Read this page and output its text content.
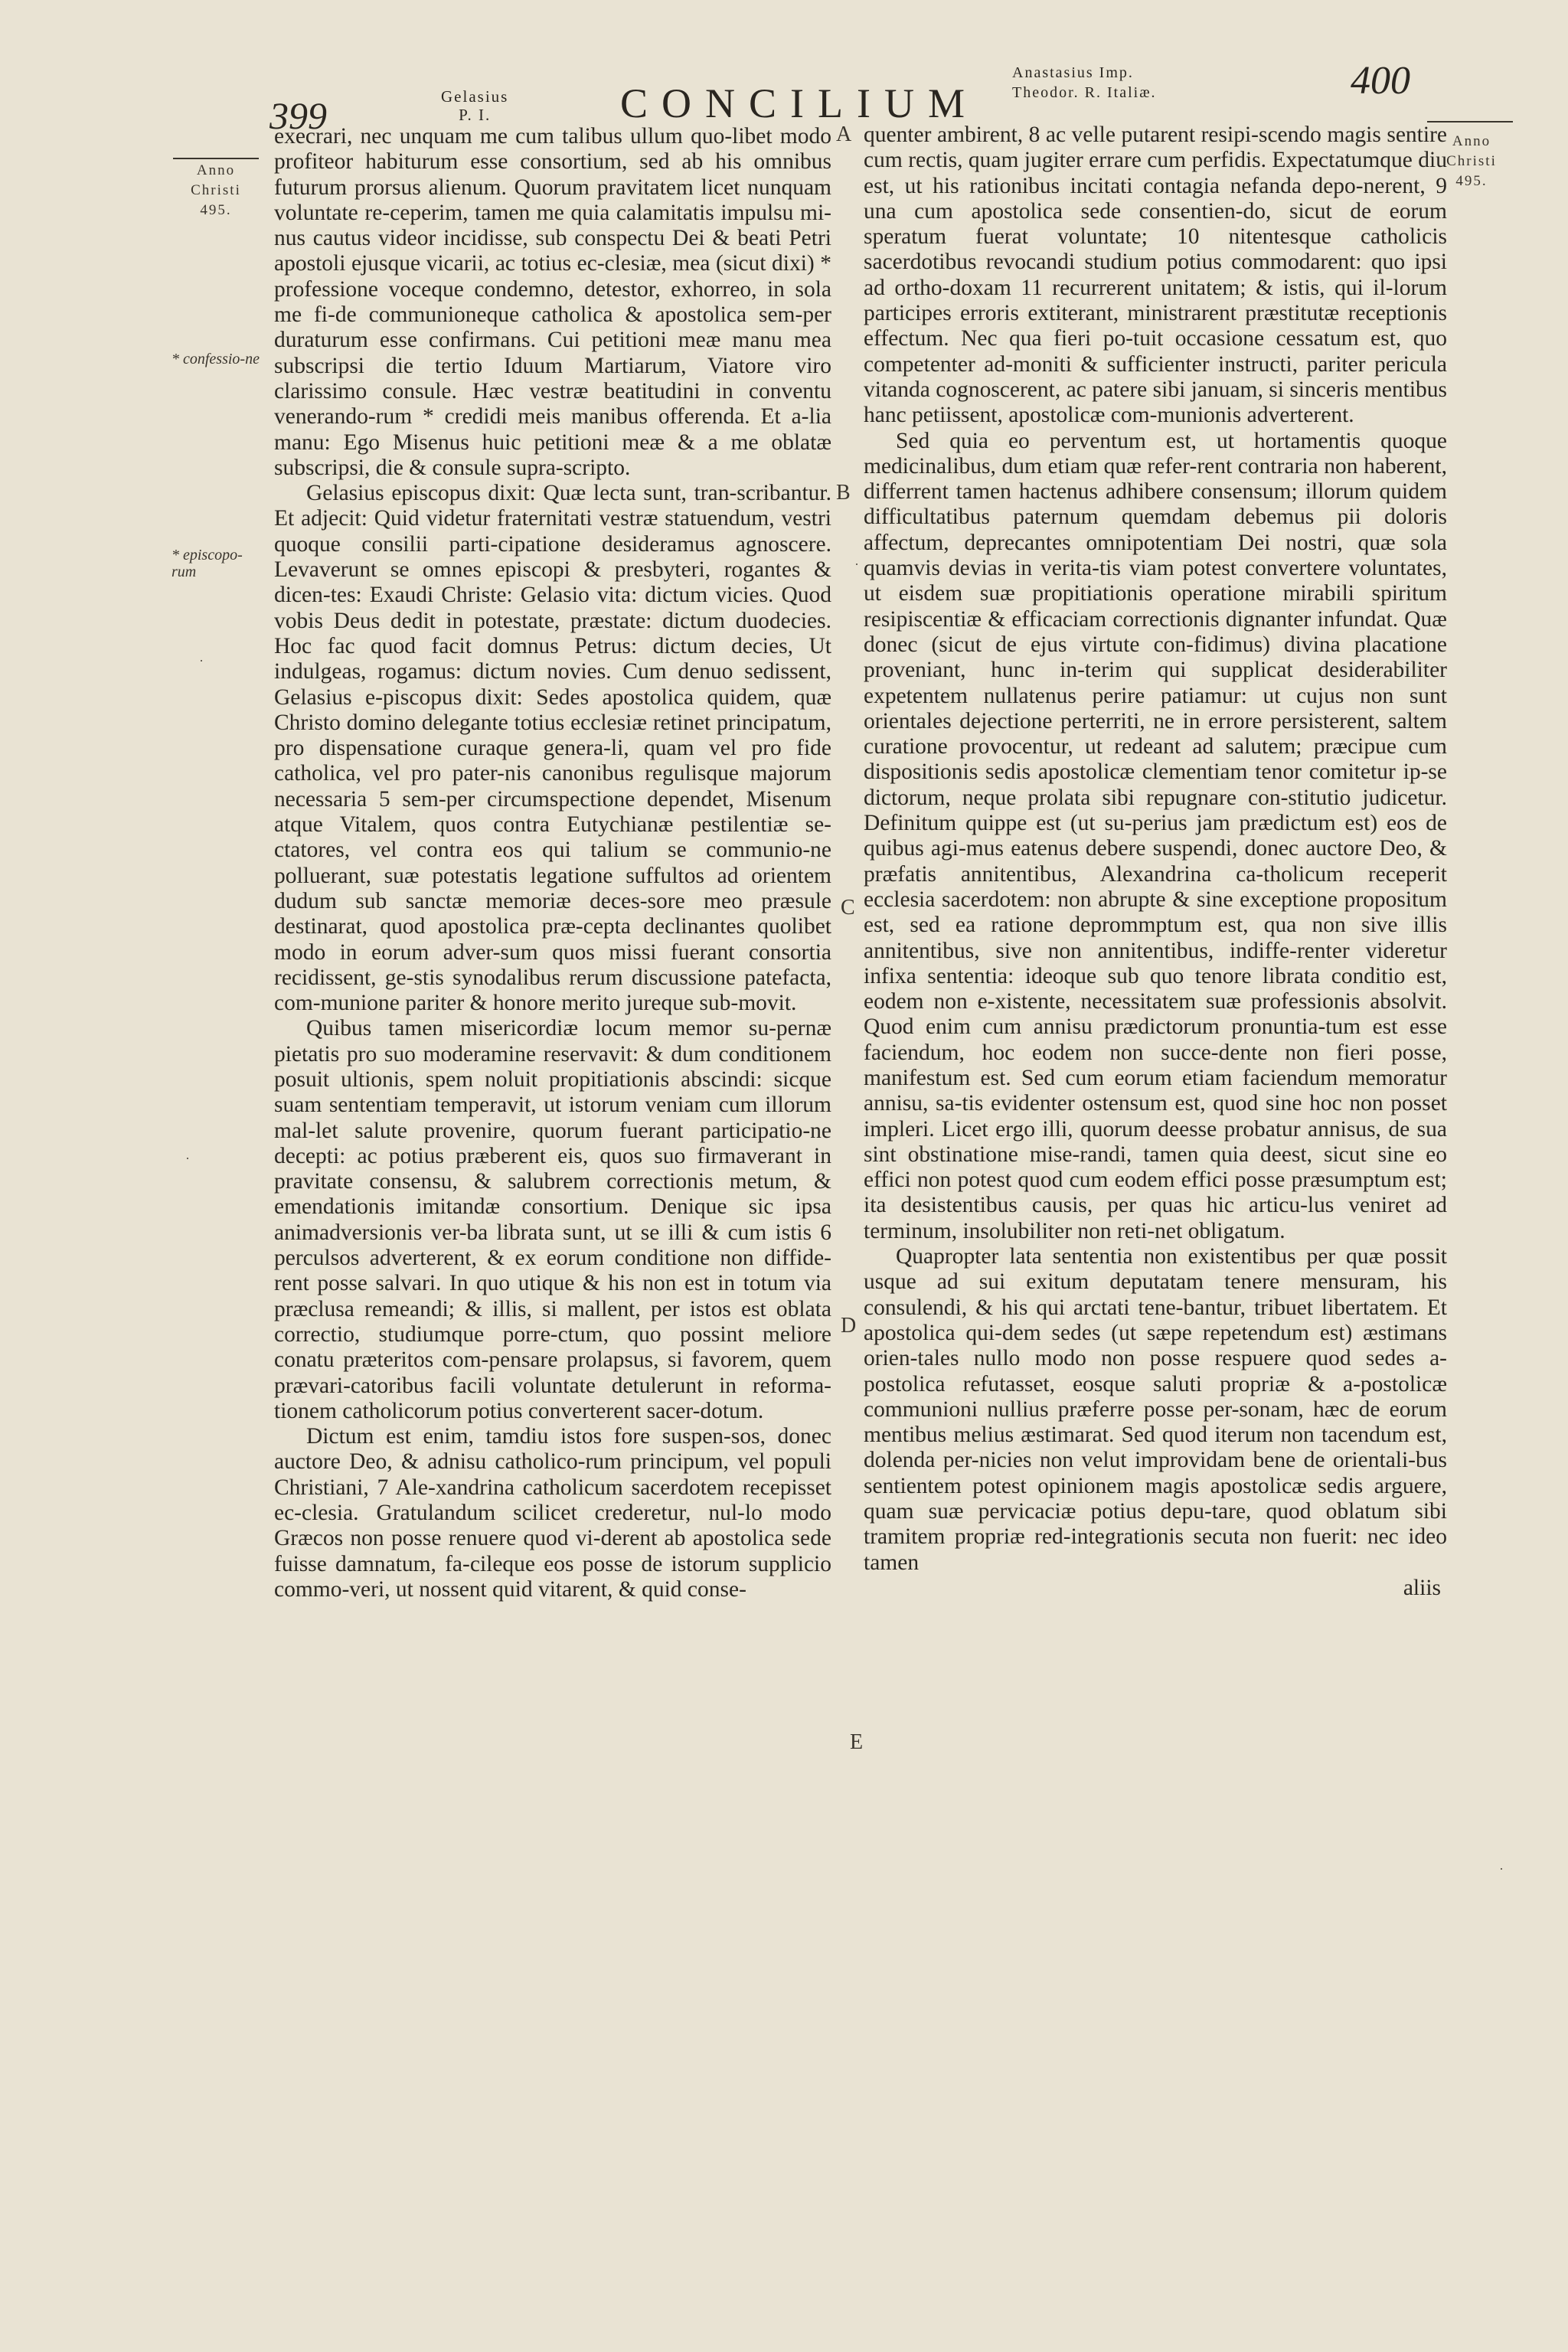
399	Gelasius
P. I.	CONCILIUM
Anastasius Imp.
Theodor. R. Italiæ.	400
Anno
Christi
495.
Anno
Christi
495.
* confessio-ne
* episcopo-rum
A
B
C
D
E

execrari, nec unquam me cum talibus ullum quo-libet modo profiteor habiturum esse consortium, sed ab his omnibus futurum prorsus alienum. Quorum pravitatem licet nunquam voluntate re-ceperim, tamen me quia calamitatis impulsu mi-nus cautus videor incidisse, sub conspectu Dei & beati Petri apostoli ejusque vicarii, ac totius ec-clesiæ, mea (sicut dixi) * professione voceque condemno, detestor, exhorreo, in sola me fi-de communioneque catholica & apostolica sem-per duraturum esse confirmans. Cui petitioni meæ manu mea subscripsi die tertio Iduum Martiarum, Viatore viro clarissimo consule. Hæc vestræ beatitudini in conventu venerando-rum * credidi meis manibus offerenda. Et a-lia manu: Ego Misenus huic petitioni meæ & a me oblatæ subscripsi, die & consule supra-scripto.

Gelasius episcopus dixit: Quæ lecta sunt, tran-scribantur. Et adjecit: Quid videtur fraternitati vestræ statuendum, vestri quoque consilii parti-cipatione desideramus agnoscere. Levaverunt se omnes episcopi & presbyteri, rogantes & dicen-tes: Exaudi Christe: Gelasio vita: dictum vicies. Quod vobis Deus dedit in potestate, præstate: dictum duodecies. Hoc fac quod facit domnus Petrus: dictum decies, Ut indulgeas, rogamus: dictum novies. Cum denuo sedissent, Gelasius e-piscopus dixit: Sedes apostolica quidem, quæ Christo domino delegante totius ecclesiæ retinet principatum, pro dispensatione curaque genera-li, quam vel pro fide catholica, vel pro pater-nis canonibus regulisque majorum necessaria 5 sem-per circumspectione dependet, Misenum atque Vitalem, quos contra Eutychianæ pestilentiæ se-ctatores, vel contra eos qui talium se communio-ne polluerant, suæ potestatis legatione suffultos ad orientem dudum sub sanctæ memoriæ deces-sore meo præsule destinarat, quod apostolica præ-cepta declinantes quolibet modo in eorum adver-sum quos missi fuerant consortia recidissent, ge-stis synodalibus rerum discussione patefacta, com-munione pariter & honore merito jureque sub-movit.

Quibus tamen misericordiæ locum memor su-pernæ pietatis pro suo moderamine reservavit: & dum conditionem posuit ultionis, spem noluit propitiationis abscindi: sicque suam sententiam temperavit, ut istorum veniam cum illorum mal-let salute provenire, quorum fuerant participatio-ne decepti: ac potius præberent eis, quos suo firmaverant in pravitate consensu, & salubrem correctionis metum, & emendationis imitandæ consortium. Denique sic ipsa animadversionis ver-ba librata sunt, ut se illi & cum istis 6 perculsos adverterent, & ex eorum conditione non diffide-rent posse salvari. In quo utique & his non est in totum via præclusa remeandi; & illis, si mallent, per istos est oblata correctio, studiumque porre-ctum, quo possint meliore conatu præteritos com-pensare prolapsus, si favorem, quem prævari-catoribus facili voluntate detulerunt in reforma-tionem catholicorum potius converterent sacer-dotum.

Dictum est enim, tamdiu istos fore suspen-sos, donec auctore Deo, & adnisu catholico-rum principum, vel populi Christiani, 7 Ale-xandrina catholicum sacerdotem recepisset ec-clesia. Gratulandum scilicet crederetur, nul-lo modo Græcos non posse renuere quod vi-derent ab apostolica sede fuisse damnatum, fa-cileque eos posse de istorum supplicio commo-veri, ut nossent quid vitarent, & quid conse-

quenter ambirent, 8 ac velle putarent resipi-scendo magis sentire cum rectis, quam jugiter errare cum perfidis. Expectatumque diu est, ut his rationibus incitati contagia nefanda depo-nerent, 9 una cum apostolica sede consentien-do, sicut de eorum speratum fuerat voluntate; 10 nitentesque catholicis sacerdotibus revocandi studium potius commodarent: quo ipsi ad ortho-doxam 11 recurrerent unitatem; & istis, qui il-lorum participes erroris extiterant, ministrarent præstitutæ receptionis effectum. Nec qua fieri po-tuit occasione cessatum est, quo competenter ad-moniti & sufficienter instructi, pariter pericula vitanda cognoscerent, ac patere sibi januam, si sinceris mentibus hanc petiissent, apostolicæ com-munionis adverterent.

Sed quia eo perventum est, ut hortamentis quoque medicinalibus, dum etiam quæ refer-rent contraria non haberent, differrent tamen hactenus adhibere consensum; illorum quidem difficultatibus paternum quemdam debemus pii doloris affectum, deprecantes omnipotentiam Dei nostri, quæ sola quamvis devias in verita-tis viam potest convertere voluntates, ut eisdem suæ propitiationis operatione mirabili spiritum resipiscentiæ & efficaciam correctionis dignanter infundat. Quæ donec (sicut de ejus virtute con-fidimus) divina placatione proveniant, hunc in-terim qui supplicat desiderabiliter expetentem nullatenus perire patiamur: ut cujus non sunt orientales dejectione perterriti, ne in errore persisterent, saltem curatione provocentur, ut redeant ad salutem; præcipue cum dispositionis sedis apostolicæ clementiam tenor comitetur ip-se dictorum, neque prolata sibi repugnare con-stitutio judicetur. Definitum quippe est (ut su-perius jam prædictum est) eos de quibus agi-mus eatenus debere suspendi, donec auctore Deo, & præfatis annitentibus, Alexandrina ca-tholicum receperit ecclesia sacerdotem: non abrupte & sine exceptione propositum est, sed ea ratione deprommptum est, qua non sive illis annitentibus, sive non annitentibus, indiffe-renter videretur infixa sententia: ideoque sub quo tenore librata conditio est, eodem non e-xistente, necessitatem suæ professionis absolvit. Quod enim cum annisu prædictorum pronuntia-tum est esse faciendum, hoc eodem non succe-dente non fieri posse, manifestum est. Sed cum eorum etiam faciendum memoratur annisu, sa-tis evidenter ostensum est, quod sine hoc non posset impleri. Licet ergo illi, quorum deesse probatur annisus, de sua sint obstinatione mise-randi, tamen quia deest, sicut sine eo effici non potest quod cum eodem effici posse præsumptum est; ita desistentibus causis, per quas hic articu-lus veniret ad terminum, insolubiliter non reti-net obligatum.

Quapropter lata sententia non existentibus per quæ possit usque ad sui exitum deputatam tenere mensuram, his consulendi, & his qui arctati tene-bantur, tribuet libertatem. Et apostolica qui-dem sedes (ut sæpe repetendum est) æstimans orien-tales nullo modo non posse respuere quod sedes a-postolica refutasset, eosque saluti propriæ & a-postolicæ communioni nullius præferre posse per-sonam, hæc de eorum mentibus melius æstimarat. Sed quod iterum non tacendum est, dolenda per-nicies non velut improvidam bene de orientali-bus sentientem potest opinionem magis apostolicæ sedis arguere, quam suæ pervicaciæ potius depu-tare, quod oblatum sibi tramitem propriæ red-integrationis secuta non fuerit: nec ideo tamen

aliis
